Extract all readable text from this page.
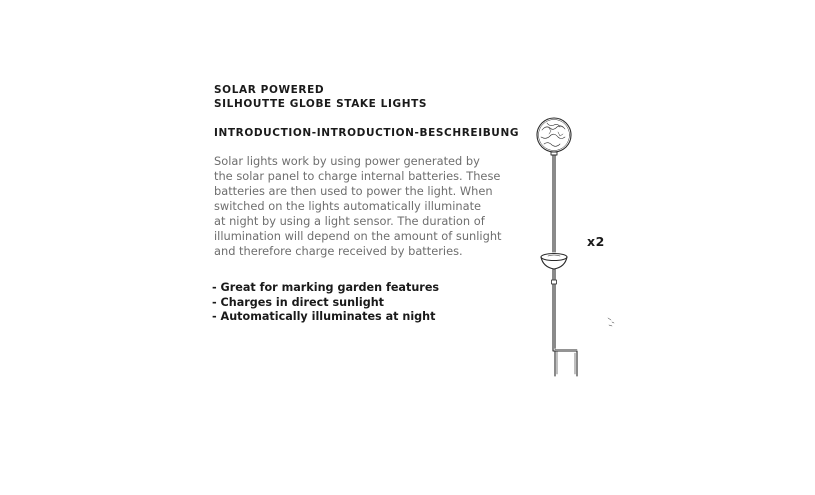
SOLAR POWERED
SILHOUTTE GLOBE STAKE LIGHTS
INTRODUCTION-INTRODUCTION-BESCHREIBUNG
Solar lights work by using power generated by
the solar panel to charge internal batteries. These
batteries are then used to power the light. When
switched on the lights automatically illuminate
at night by using a light sensor. The duration of
illumination will depend on the amount of sunlight
and therefore charge received by batteries.
- Great for marking garden features
- Charges in direct sunlight
- Automatically illuminates at night
x2
